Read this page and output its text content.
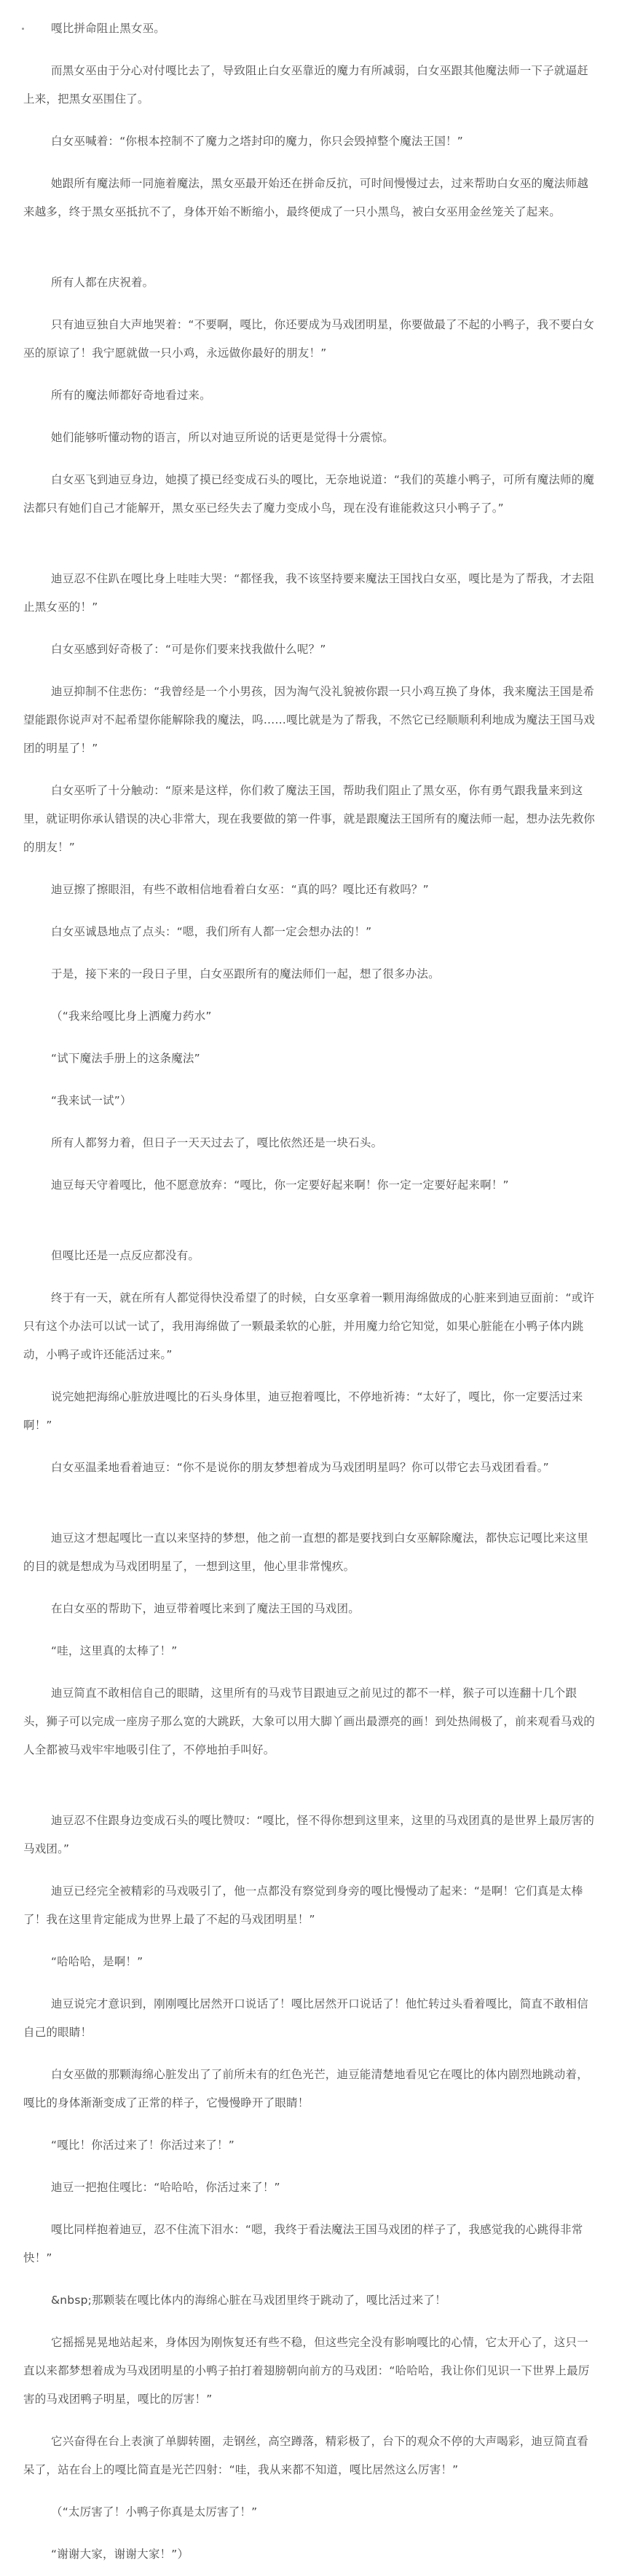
嘎比拼命阻止黑女巫。

而黑女巫由于分心对付嘎比去了，导致阻止白女巫靠近的魔力有所减弱，白女巫跟其他魔法师一下子就逼赶上来，把黑女巫围住了。

白女巫喊着：“你根本控制不了魔力之塔封印的魔力，你只会毁掉整个魔法王国！”

她跟所有魔法师一同施着魔法，黑女巫最开始还在拼命反抗，可时间慢慢过去，过来帮助白女巫的魔法师越来越多，终于黑女巫抵抗不了，身体开始不断缩小，最终便成了一只小黑鸟，被白女巫用金丝笼关了起来。

所有人都在庆祝着。

只有迪豆独自大声地哭着：“不要啊，嘎比，你还要成为马戏团明星，你要做最了不起的小鸭子，我不要白女巫的原谅了！我宁愿就做一只小鸡，永远做你最好的朋友！”

所有的魔法师都好奇地看过来。

她们能够听懂动物的语言，所以对迪豆所说的话更是觉得十分震惊。

白女巫飞到迪豆身边，她摸了摸已经变成石头的嘎比，无奈地说道：“我们的英雄小鸭子，可所有魔法师的魔法都只有她们自己才能解开，黑女巫已经失去了魔力变成小鸟，现在没有谁能救这只小鸭子了。”

迪豆忍不住趴在嘎比身上哇哇大哭：“都怪我，我不该坚持要来魔法王国找白女巫，嘎比是为了帮我，才去阻止黑女巫的！”

白女巫感到好奇极了：“可是你们要来找我做什么呢？”

迪豆抑制不住悲伤：“我曾经是一个小男孩，因为淘气没礼貌被你跟一只小鸡互换了身体，我来魔法王国是希望能跟你说声对不起希望你能解除我的魔法，呜……嘎比就是为了帮我，不然它已经顺顺利利地成为魔法王国马戏团的明星了！”

白女巫听了十分触动：“原来是这样，你们救了魔法王国，帮助我们阻止了黑女巫，你有勇气跟我量来到这里，就证明你承认错误的决心非常大，现在我要做的第一件事，就是跟魔法王国所有的魔法师一起，想办法先救你的朋友！”

迪豆擦了擦眼泪，有些不敢相信地看着白女巫：“真的吗？嘎比还有救吗？”

白女巫诚恳地点了点头：“嗯，我们所有人都一定会想办法的！”

于是，接下来的一段日子里，白女巫跟所有的魔法师们一起，想了很多办法。

（“我来给嘎比身上洒魔力药水”

“试下魔法手册上的这条魔法”

“我来试一试”）

所有人都努力着，但日子一天天过去了，嘎比依然还是一块石头。

迪豆每天守着嘎比，他不愿意放弃：“嘎比，你一定要好起来啊！你一定一定要好起来啊！”

但嘎比还是一点反应都没有。

终于有一天，就在所有人都觉得快没希望了的时候，白女巫拿着一颗用海绵做成的心脏来到迪豆面前：“或许只有这个办法可以试一试了，我用海绵做了一颗最柔软的心脏，并用魔力给它知觉，如果心脏能在小鸭子体内跳动，小鸭子或许还能活过来。”

说完她把海绵心脏放进嘎比的石头身体里，迪豆抱着嘎比，不停地祈祷：“太好了，嘎比，你一定要活过来啊！”

白女巫温柔地看着迪豆：“你不是说你的朋友梦想着成为马戏团明星吗？你可以带它去马戏团看看。”

迪豆这才想起嘎比一直以来坚持的梦想，他之前一直想的都是要找到白女巫解除魔法，都快忘记嘎比来这里的目的就是想成为马戏团明星了，一想到这里，他心里非常愧疚。

在白女巫的帮助下，迪豆带着嘎比来到了魔法王国的马戏团。

“哇，这里真的太棒了！”

迪豆简直不敢相信自己的眼睛，这里所有的马戏节目跟迪豆之前见过的都不一样，猴子可以连翻十几个跟头，狮子可以完成一座房子那么宽的大跳跃，大象可以用大脚丫画出最漂亮的画！到处热闹极了，前来观看马戏的人全都被马戏牢牢地吸引住了，不停地拍手叫好。

迪豆忍不住跟身边变成石头的嘎比赞叹：“嘎比，怪不得你想到这里来，这里的马戏团真的是世界上最厉害的马戏团。”

迪豆已经完全被精彩的马戏吸引了，他一点都没有察觉到身旁的嘎比慢慢动了起来：“是啊！它们真是太棒了！我在这里肯定能成为世界上最了不起的马戏团明星！”

“哈哈哈，是啊！”

迪豆说完才意识到，刚刚嘎比居然开口说话了！嘎比居然开口说话了！他忙转过头看着嘎比，简直不敢相信自己的眼睛！

白女巫做的那颗海绵心脏发出了了前所未有的红色光芒，迪豆能清楚地看见它在嘎比的体内剧烈地跳动着，嘎比的身体渐渐变成了正常的样子，它慢慢睁开了眼睛！

“嘎比！你活过来了！你活过来了！”

迪豆一把抱住嘎比：“哈哈哈，你活过来了！”

嘎比同样抱着迪豆，忍不住流下泪水：“嗯，我终于看法魔法王国马戏团的样子了，我感觉我的心跳得非常快！”

&nbsp;那颗装在嘎比体内的海绵心脏在马戏团里终于跳动了，嘎比活过来了！

它摇摇晃晃地站起来，身体因为刚恢复还有些不稳，但这些完全没有影响嘎比的心情，它太开心了，这只一直以来都梦想着成为马戏团明星的小鸭子拍打着翅膀朝向前方的马戏团：“哈哈哈，我让你们见识一下世界上最厉害的马戏团鸭子明星，嘎比的厉害！”

它兴奋得在台上表演了单脚转圈，走钢丝，高空蹲落，精彩极了，台下的观众不停的大声喝彩，迪豆简直看呆了，站在台上的嘎比简直是光芒四射：“哇，我从来都不知道，嘎比居然这么厉害！”

（“太厉害了！小鸭子你真是太厉害了！”

“谢谢大家，谢谢大家！”）
